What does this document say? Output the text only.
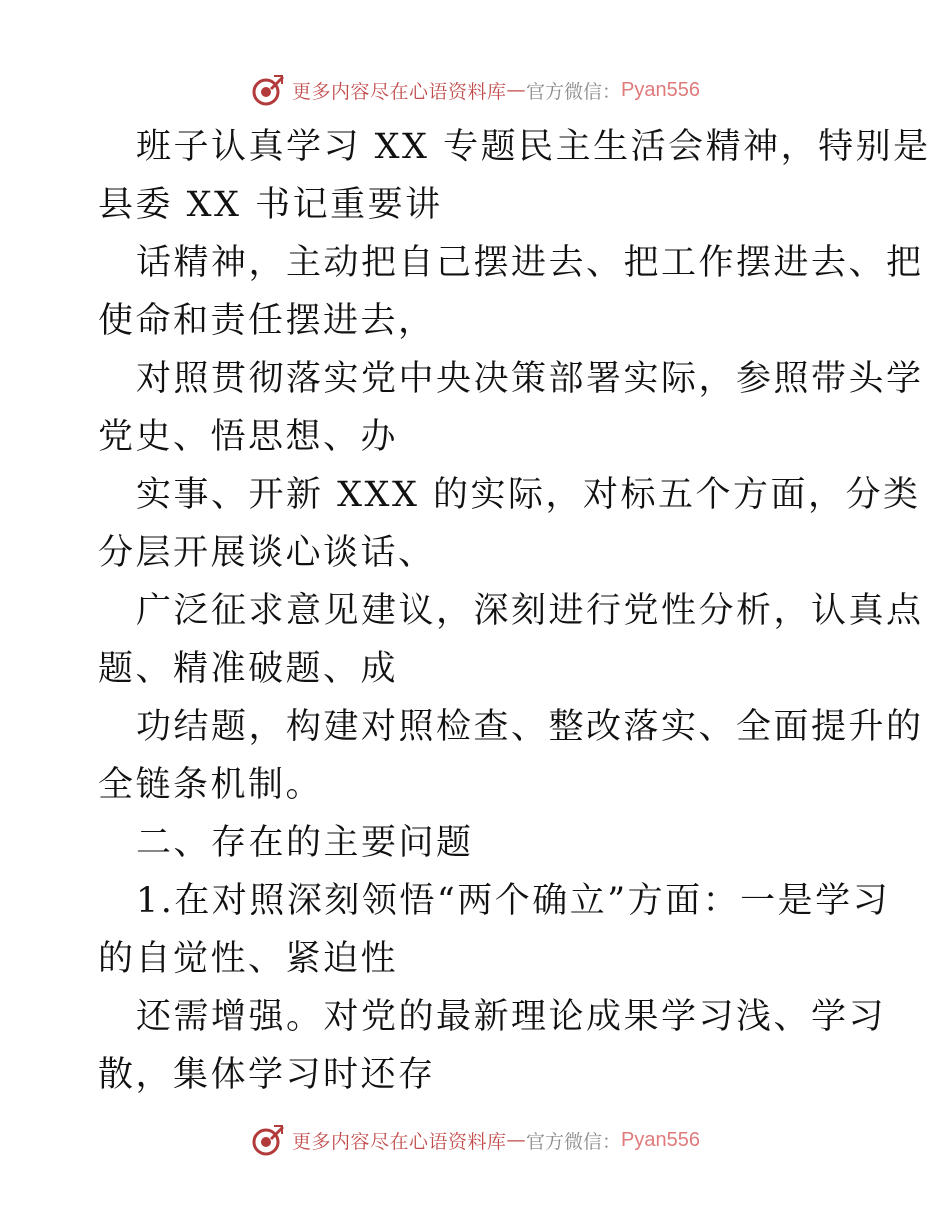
更多内容尽在心语资料库 — 官方微信： Pyan556
班子认真学习 XX 专题民主生活会精神，特别是
县委 XX 书记重要讲
话精神，主动把自己摆进去、把工作摆进去、把
使命和责任摆进去，
对照贯彻落实党中央决策部署实际，参照带头学
党史、悟思想、办
实事、开新 XXX 的实际，对标五个方面，分类
分层开展谈心谈话、
广泛征求意见建议，深刻进行党性分析，认真点
题、精准破题、成
功结题，构建对照检查、整改落实、全面提升的
全链条机制。
二、存在的主要问题
1.在对照深刻领悟“两个确立”方面：一是学习
的自觉性、紧迫性
还需增强。对党的最新理论成果学习浅、学习
散，集体学习时还存
更多内容尽在心语资料库 — 官方微信： Pyan556
